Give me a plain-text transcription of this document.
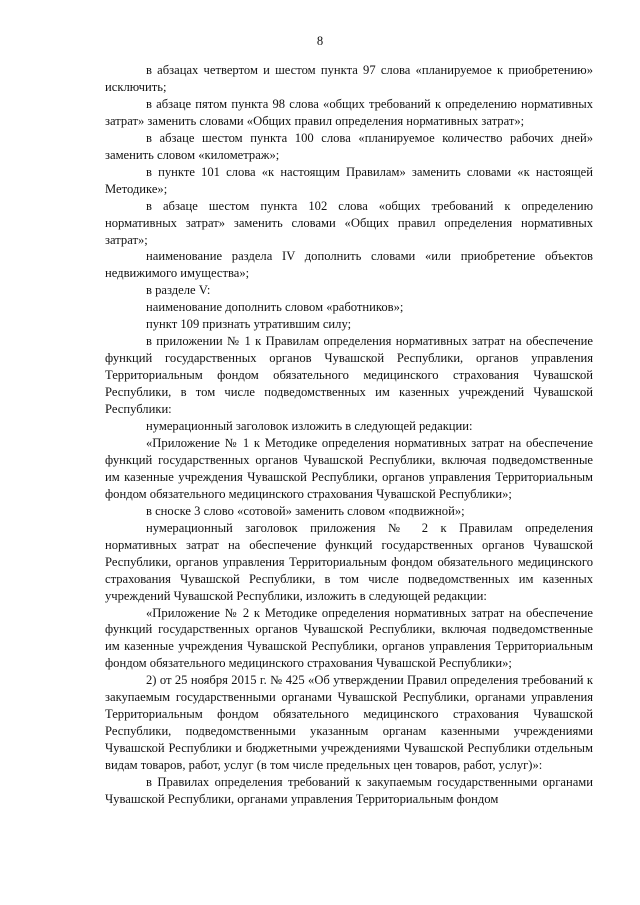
8

в абзацах четвертом и шестом пункта 97 слова «планируемое к приобретению» исключить;

в абзаце пятом пункта 98 слова «общих требований к определению нормативных затрат» заменить словами «Общих правил определения нормативных затрат»;

в абзаце шестом пункта 100 слова «планируемое количество рабочих дней» заменить словом «километраж»;

в пункте 101 слова «к настоящим Правилам» заменить словами «к настоящей Методике»;

в абзаце шестом пункта 102 слова «общих требований к определению нормативных затрат» заменить словами «Общих правил определения нормативных затрат»;

наименование раздела IV дополнить словами «или приобретение объектов недвижимого имущества»;

в разделе V:

наименование дополнить словом «работников»;

пункт 109 признать утратившим силу;

в приложении № 1 к Правилам определения нормативных затрат на обеспечение функций государственных органов Чувашской Республики, органов управления Территориальным фондом обязательного медицинского страхования Чувашской Республики, в том числе подведомственных им казенных учреждений Чувашской Республики:

нумерационный заголовок изложить в следующей редакции:

«Приложение № 1 к Методике определения нормативных затрат на обеспечение функций государственных органов Чувашской Республики, включая подведомственные им казенные учреждения Чувашской Республики, органов управления Территориальным фондом обязательного медицинского страхования Чувашской Республики»;

в сноске 3 слово «сотовой» заменить словом «подвижной»;

нумерационный заголовок приложения № 2 к Правилам определения нормативных затрат на обеспечение функций государственных органов Чувашской Республики, органов управления Территориальным фондом обязательного медицинского страхования Чувашской Республики, в том числе подведомственных им казенных учреждений Чувашской Республики, изложить в следующей редакции:

«Приложение № 2 к Методике определения нормативных затрат на обеспечение функций государственных органов Чувашской Республики, включая подведомственные им казенные учреждения Чувашской Республики, органов управления Территориальным фондом обязательного медицинского страхования Чувашской Республики»;

2) от 25 ноября 2015 г. № 425 «Об утверждении Правил определения требований к закупаемым государственными органами Чувашской Республики, органами управления Территориальным фондом обязательного медицинского страхования Чувашской Республики, подведомственными указанным органам казенными учреждениями Чувашской Республики и бюджетными учреждениями Чувашской Республики отдельным видам товаров, работ, услуг (в том числе предельных цен товаров, работ, услуг)»:

в Правилах определения требований к закупаемым государственными органами Чувашской Республики, органами управления Территориальным фондом
